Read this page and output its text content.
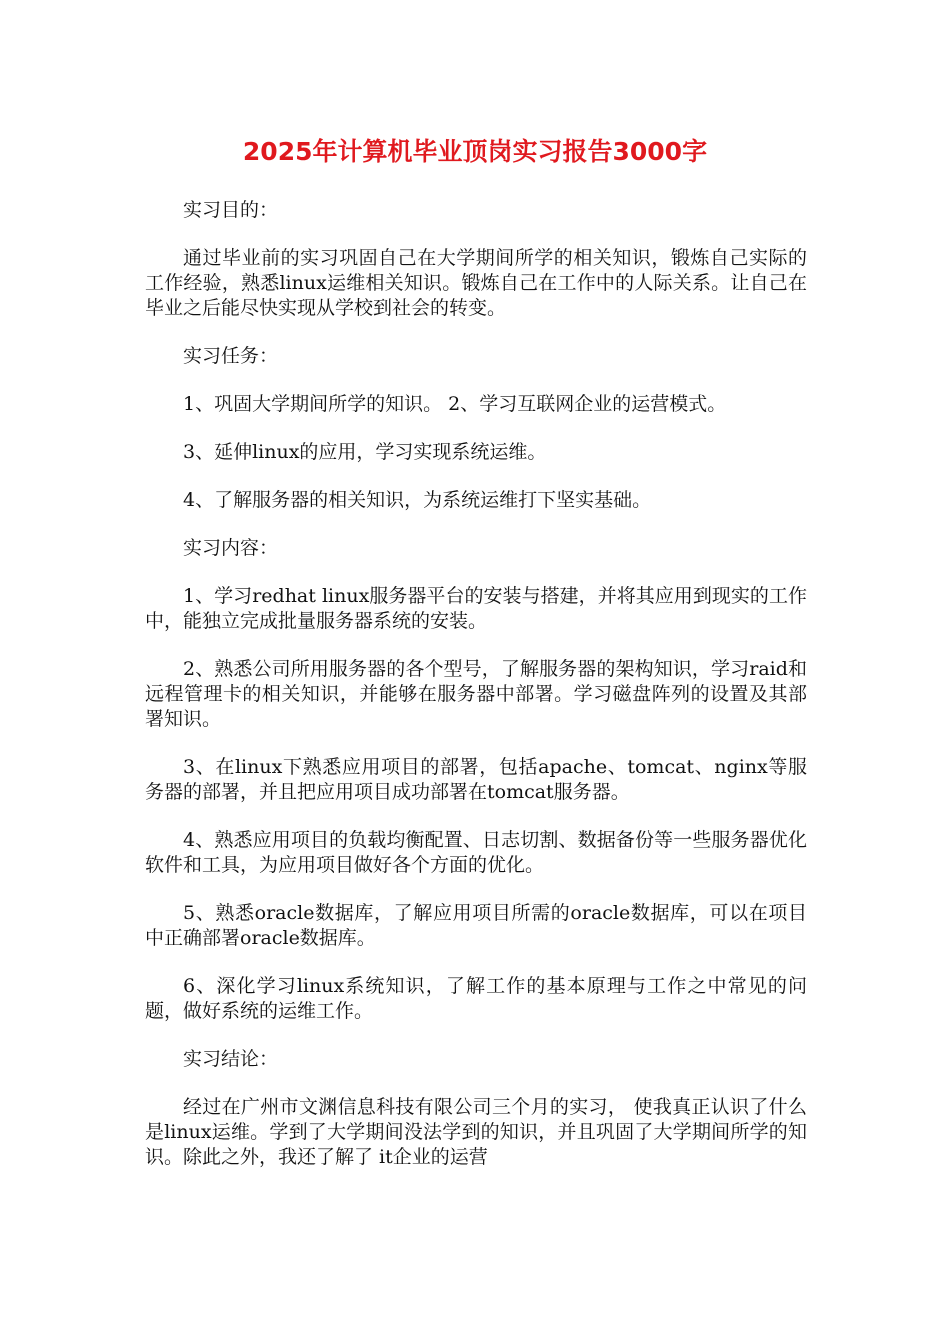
2025年计算机毕业顶岗实习报告3000字

实习目的：

通过毕业前的实习巩固自己在大学期间所学的相关知识，锻炼自己实际的工作经验，熟悉linux运维相关知识。锻炼自己在工作中的人际关系。让自己在毕业之后能尽快实现从学校到社会的转变。

实习任务：

1、巩固大学期间所学的知识。 2、学习互联网企业的运营模式。

3、延伸linux的应用，学习实现系统运维。

4、了解服务器的相关知识，为系统运维打下坚实基础。

实习内容：

1、学习redhat linux服务器平台的安装与搭建，并将其应用到现实的工作中，能独立完成批量服务器系统的安装。

2、熟悉公司所用服务器的各个型号，了解服务器的架构知识，学习raid和远程管理卡的相关知识，并能够在服务器中部署。学习磁盘阵列的设置及其部署知识。

3、在linux下熟悉应用项目的部署，包括apache、tomcat、nginx等服务器的部署，并且把应用项目成功部署在tomcat服务器。

4、熟悉应用项目的负载均衡配置、日志切割、数据备份等一些服务器优化软件和工具，为应用项目做好各个方面的优化。

5、熟悉oracle数据库，了解应用项目所需的oracle数据库，可以在项目中正确部署oracle数据库。

6、深化学习linux系统知识，了解工作的基本原理与工作之中常见的问题，做好系统的运维工作。

实习结论：

经过在广州市文渊信息科技有限公司三个月的实习， 使我真正认识了什么是linux运维。学到了大学期间没法学到的知识，并且巩固了大学期间所学的知识。除此之外，我还了解了 it企业的运营
